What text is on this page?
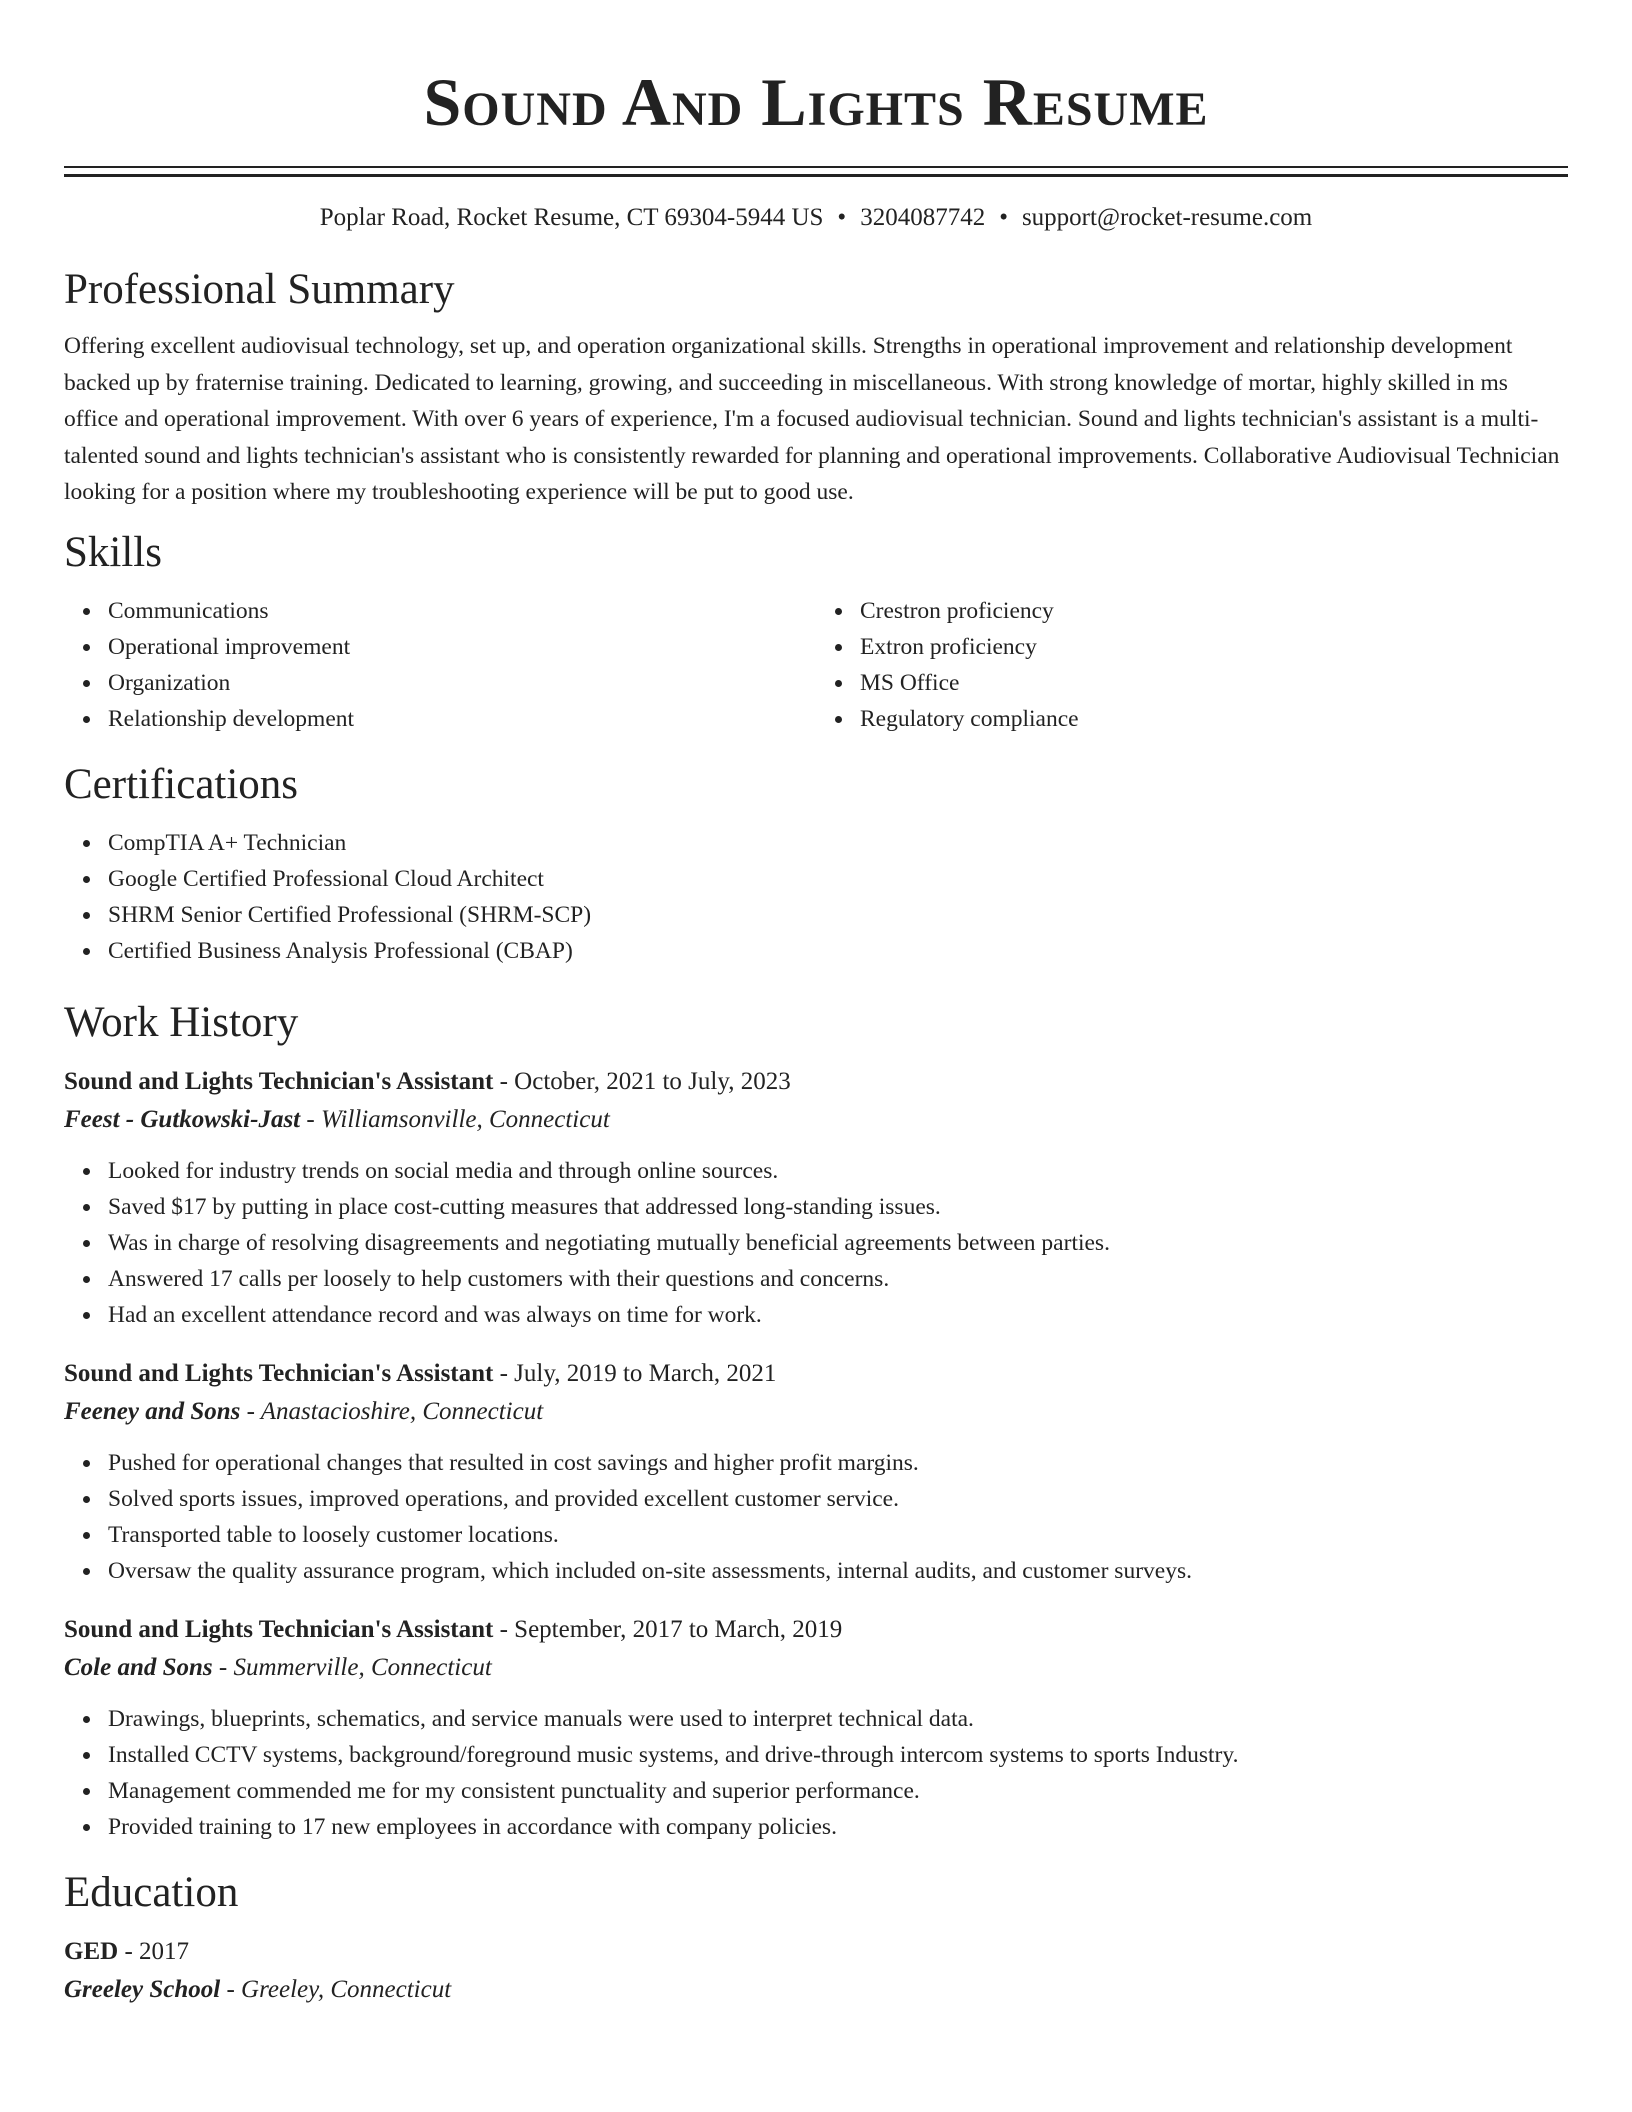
Sound And Lights Resume
Poplar Road, Rocket Resume, CT 69304-5944 US • 3204087742 • support@rocket-resume.com
Professional Summary

Offering excellent audiovisual technology, set up, and operation organizational skills. Strengths in operational improvement and relationship development backed up by fraternise training. Dedicated to learning, growing, and succeeding in miscellaneous. With strong knowledge of mortar, highly skilled in ms office and operational improvement. With over 6 years of experience, I'm a focused audiovisual technician. Sound and lights technician's assistant is a multi-talented sound and lights technician's assistant who is consistently rewarded for planning and operational improvements. Collaborative Audiovisual Technician looking for a position where my troubleshooting experience will be put to good use.

Skills
Communications
Operational improvement
Organization
Relationship development
Crestron proficiency
Extron proficiency
MS Office
Regulatory compliance
Certifications
CompTIA A+ Technician
Google Certified Professional Cloud Architect
SHRM Senior Certified Professional (SHRM-SCP)
Certified Business Analysis Professional (CBAP)
Work History
Sound and Lights Technician's Assistant - October, 2021 to July, 2023
Feest - Gutkowski-Jast - Williamsonville, Connecticut
Looked for industry trends on social media and through online sources.
Saved $17 by putting in place cost-cutting measures that addressed long-standing issues.
Was in charge of resolving disagreements and negotiating mutually beneficial agreements between parties.
Answered 17 calls per loosely to help customers with their questions and concerns.
Had an excellent attendance record and was always on time for work.
Sound and Lights Technician's Assistant - July, 2019 to March, 2021
Feeney and Sons - Anastacioshire, Connecticut
Pushed for operational changes that resulted in cost savings and higher profit margins.
Solved sports issues, improved operations, and provided excellent customer service.
Transported table to loosely customer locations.
Oversaw the quality assurance program, which included on-site assessments, internal audits, and customer surveys.
Sound and Lights Technician's Assistant - September, 2017 to March, 2019
Cole and Sons - Summerville, Connecticut
Drawings, blueprints, schematics, and service manuals were used to interpret technical data.
Installed CCTV systems, background/foreground music systems, and drive-through intercom systems to sports Industry.
Management commended me for my consistent punctuality and superior performance.
Provided training to 17 new employees in accordance with company policies.
Education
GED - 2017
Greeley School - Greeley, Connecticut
